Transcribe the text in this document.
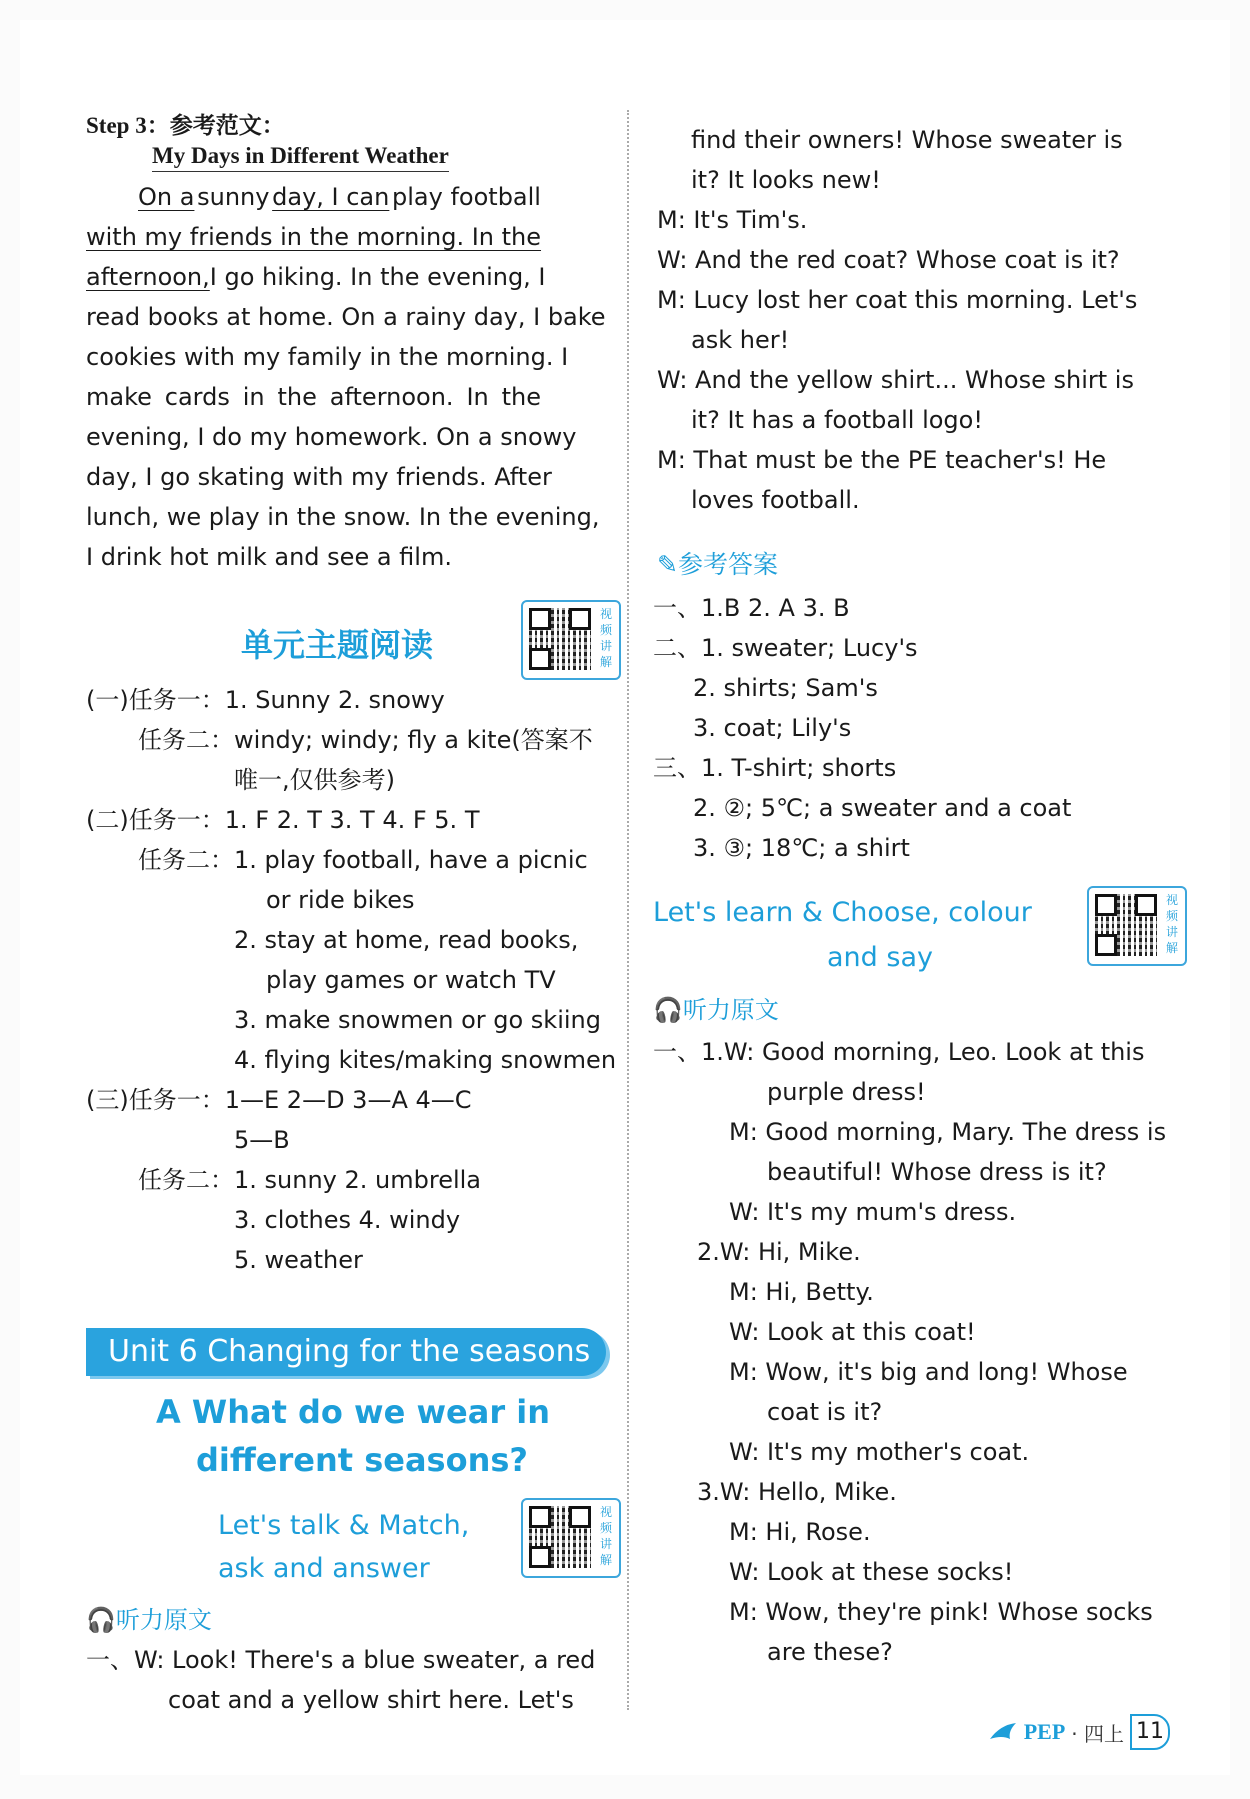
Step 3：参考范文：
My Days in Different Weather
On a sunny day, I can play football
with my friends in the morning. In the
afternoon, I go hiking. In the evening, I
read books at home. On a rainy day, I bake
cookies with my family in the morning. I
make cards in the afternoon. In the
evening, I do my homework. On a snowy
day, I go skating with my friends. After
lunch, we play in the snow. In the evening,
I drink hot milk and see a film.
单元主题阅读
视频讲解
(一)任务一：1. Sunny 2. snowy
任务二：windy; windy; fly a kite(答案不
唯一,仅供参考)
(二)任务一：1. F 2. T 3. T 4. F 5. T
任务二：1. play football, have a picnic
or ride bikes
2. stay at home, read books,
play games or watch TV
3. make snowmen or go skiing
4. flying kites/making snowmen
(三)任务一：1—E 2—D 3—A 4—C
5—B
任务二：1. sunny 2. umbrella
3. clothes 4. windy
5. weather
A What do we wear in
different seasons?
Let's talk & Match,
ask and answer
视频讲解
🎧听力原文
一、W: Look! There's a blue sweater, a red
coat and a yellow shirt here. Let's
Unit 6 Changing for the seasons
find their owners! Whose sweater is
it? It looks new!
M: It's Tim's.
W: And the red coat? Whose coat is it?
M: Lucy lost her coat this morning. Let's
ask her!
W: And the yellow shirt... Whose shirt is
it? It has a football logo!
M: That must be the PE teacher's! He
loves football.
✎参考答案
一、1.B 2. A 3. B
二、1. sweater; Lucy's
2. shirts; Sam's
3. coat; Lily's
三、1. T-shirt; shorts
2. ②; 5℃; a sweater and a coat
3. ③; 18℃; a shirt
Let's learn & Choose, colour
and say
视频讲解
🎧听力原文
一、1.W: Good morning, Leo. Look at this
purple dress!
M: Good morning, Mary. The dress is
beautiful! Whose dress is it?
W: It's my mum's dress.
2.W: Hi, Mike.
M: Hi, Betty.
W: Look at this coat!
M: Wow, it's big and long! Whose
coat is it?
W: It's my mother's coat.
3.W: Hello, Mike.
M: Hi, Rose.
W: Look at these socks!
M: Wow, they're pink! Whose socks
are these?
PEP · 四上 11
